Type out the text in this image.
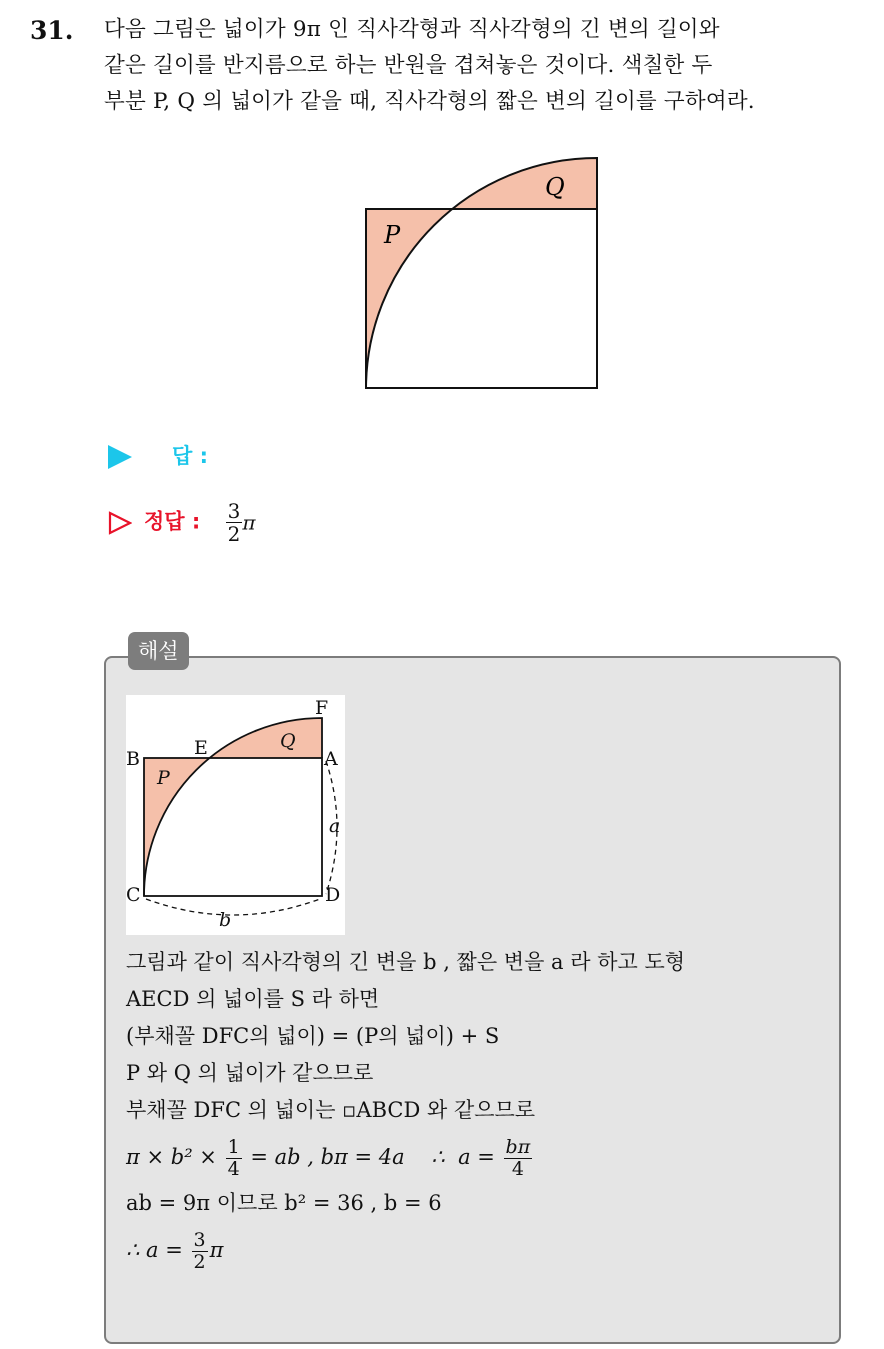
31. 다음 그림은 넓이가 9π 인 직사각형과 직사각형의 긴 변의 길이와
같은 길이를 반지름으로 하는 반원을 겹쳐놓은 것이다. 색칠한 두
부분 P, Q 의 넓이가 같을 때, 직사각형의 짧은 변의 길이를 구하여라.
P
Q
답 :
정답 : $\frac{3}{2}$ π
해설
B	E
F
A
C	D
P
Q
a
b
그림과 같이 직사각형의 긴 변을 b , 짧은 변을 a 라 하고 도형
AECD 의 넓이를 S 라 하면
(부채꼴 DFC의 넓이) = (P의 넓이) + S
P 와 Q 의 넓이가 같으므로
부채꼴 DFC 의 넓이는 ▫ABCD 와 같으므로
$\pi \times b^2 \times \frac{1}{4}$ = ab , bπ = 4a    ∴  $a = \frac{b\pi}{4}$
ab = 9π 이므로 b² = 36 , b = 6
∴ $a = \frac{3}{2}$ π
